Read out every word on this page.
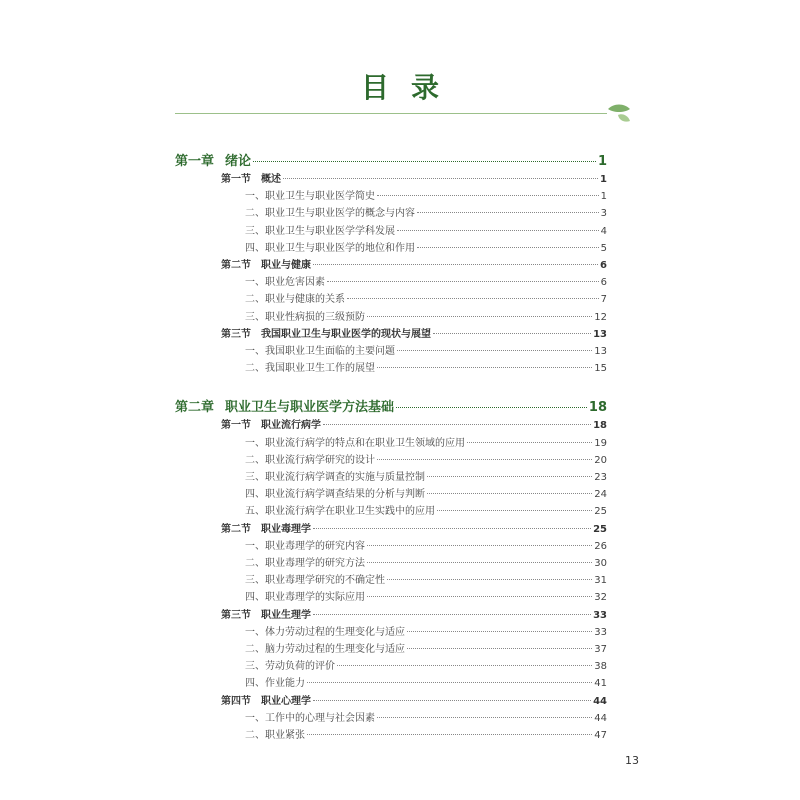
目录
第一章 绪论	1
第一节 概述	1
一、职业卫生与职业医学简史	1
二、职业卫生与职业医学的概念与内容	3
三、职业卫生与职业医学学科发展	4
四、职业卫生与职业医学的地位和作用	5
第二节 职业与健康	6
一、职业危害因素	6
二、职业与健康的关系	7
三、职业性病损的三级预防	12
第三节 我国职业卫生与职业医学的现状与展望	13
一、我国职业卫生面临的主要问题	13
二、我国职业卫生工作的展望	15
第二章 职业卫生与职业医学方法基础	18
第一节 职业流行病学	18
一、职业流行病学的特点和在职业卫生领域的应用	19
二、职业流行病学研究的设计	20
三、职业流行病学调查的实施与质量控制	23
四、职业流行病学调查结果的分析与判断	24
五、职业流行病学在职业卫生实践中的应用	25
第二节 职业毒理学	25
一、职业毒理学的研究内容	26
二、职业毒理学的研究方法	30
三、职业毒理学研究的不确定性	31
四、职业毒理学的实际应用	32
第三节 职业生理学	33
一、体力劳动过程的生理变化与适应	33
二、脑力劳动过程的生理变化与适应	37
三、劳动负荷的评价	38
四、作业能力	41
第四节 职业心理学	44
一、工作中的心理与社会因素	44
二、职业紧张	47
13
